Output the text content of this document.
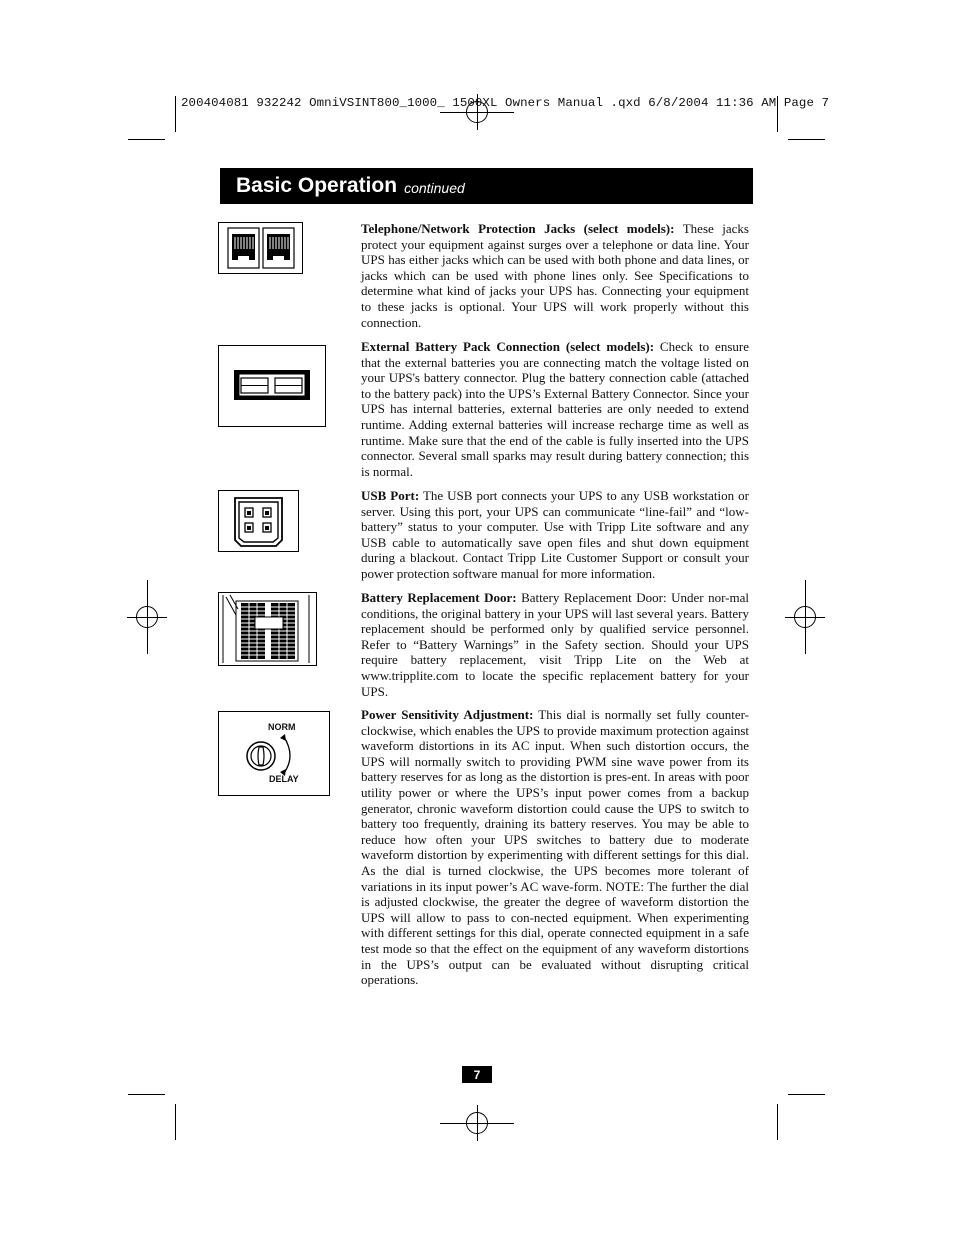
200404081 932242 OmniVSINT800_1000_ 1500XL Owners Manual .qxd 6/8/2004 11:36 AM Page 7
Basic Operation continued
NORM
DELAY

Telephone/Network Protection Jacks (select models): These jacks protect your equipment against surges over a telephone or data line. Your UPS has either jacks which can be used with both phone and data lines, or jacks which can be used with phone lines only. See Specifications to determine what kind of jacks your UPS has. Connecting your equipment to these jacks is optional. Your UPS will work properly without this connection.

External Battery Pack Connection (select models): Check to ensure that the external batteries you are connecting match the voltage listed on your UPS's battery connector. Plug the battery connection cable (attached to the battery pack) into the UPS’s External Battery Connector. Since your UPS has internal batteries, external batteries are only needed to extend runtime. Adding external batteries will increase recharge time as well as runtime. Make sure that the end of the cable is fully inserted into the UPS connector. Several small sparks may result during battery connection; this is normal.

USB Port: The USB port connects your UPS to any USB workstation or server. Using this port, your UPS can communicate “line-fail” and “low-battery” status to your computer. Use with Tripp Lite software and any USB cable to automatically save open files and shut down equipment during a blackout. Contact Tripp Lite Customer Support or consult your power protection software manual for more information.

Battery Replacement Door: Battery Replacement Door: Under nor-mal conditions, the original battery in your UPS will last several years. Battery replacement should be performed only by qualified service personnel. Refer to “Battery Warnings” in the Safety section. Should your UPS require battery replacement, visit Tripp Lite on the Web at www.tripplite.com to locate the specific replacement battery for your UPS.

Power Sensitivity Adjustment: This dial is normally set fully counter-clockwise, which enables the UPS to provide maximum protection against waveform distortions in its AC input. When such distortion occurs, the UPS will normally switch to providing PWM sine wave power from its battery reserves for as long as the distortion is pres-ent. In areas with poor utility power or where the UPS’s input power comes from a backup generator, chronic waveform distortion could cause the UPS to switch to battery too frequently, draining its battery reserves. You may be able to reduce how often your UPS switches to battery due to moderate waveform distortion by experimenting with different settings for this dial. As the dial is turned clockwise, the UPS becomes more tolerant of variations in its input power’s AC wave-form. NOTE: The further the dial is adjusted clockwise, the greater the degree of waveform distortion the UPS will allow to pass to con-nected equipment. When experimenting with different settings for this dial, operate connected equipment in a safe test mode so that the effect on the equipment of any waveform distortions in the UPS’s output can be evaluated without disrupting critical operations.

7
